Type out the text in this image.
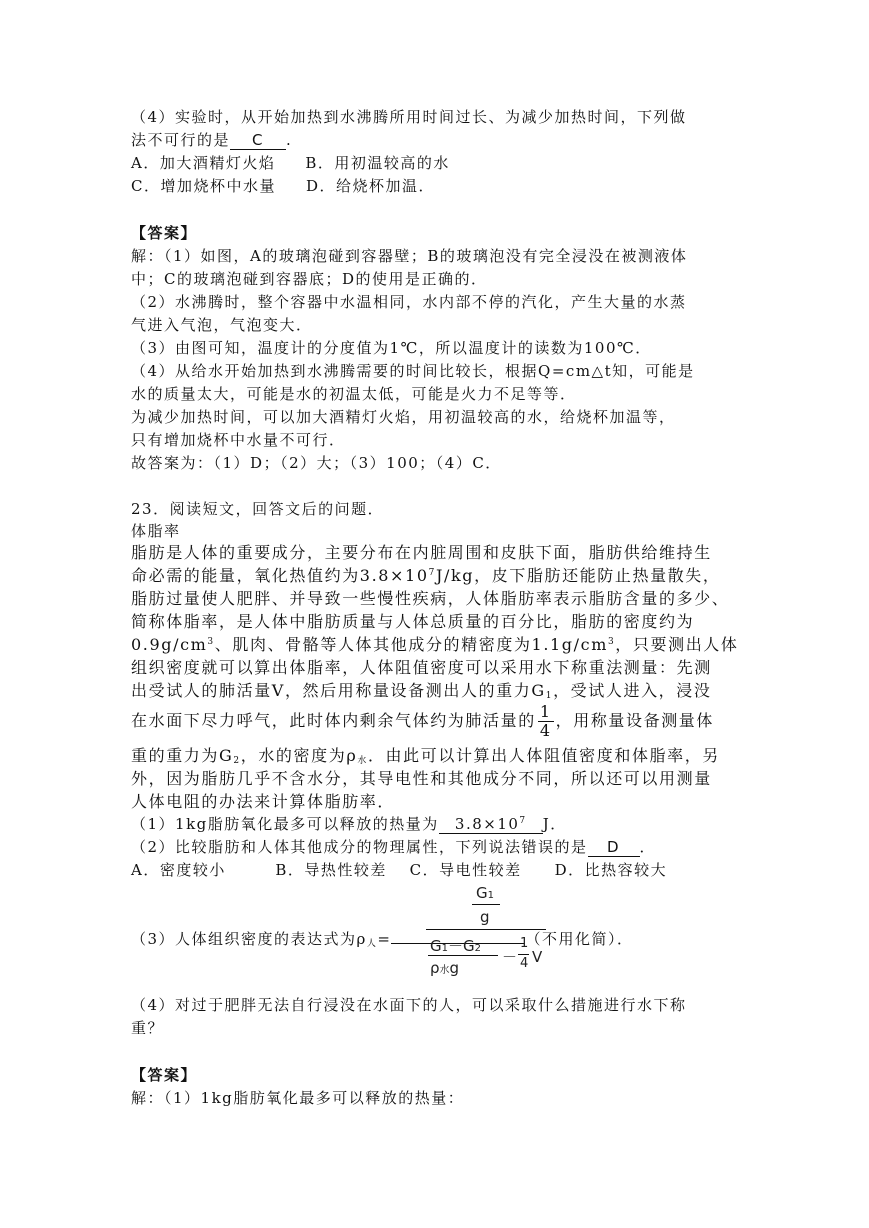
（4）实验时，从开始加热到水沸腾所用时间过长、为减少加热时间，下列做
法不可行的是 C .
A．加大酒精灯火焰 B．用初温较高的水
C．增加烧杯中水量 D．给烧杯加温．
【答案】
解：（1）如图，A的玻璃泡碰到容器壁；B的玻璃泡没有完全浸没在被测液体
中；C的玻璃泡碰到容器底；D的使用是正确的．
（2）水沸腾时，整个容器中水温相同，水内部不停的汽化，产生大量的水蒸
气进入气泡，气泡变大．
（3）由图可知，温度计的分度值为1℃，所以温度计的读数为100℃．
（4）从给水开始加热到水沸腾需要的时间比较长，根据Q=cm△t知，可能是
水的质量太大，可能是水的初温太低，可能是火力不足等等．
为减少加热时间，可以加大酒精灯火焰，用初温较高的水，给烧杯加温等，
只有增加烧杯中水量不可行．
故答案为：（1）D；（2）大；（3）100；（4）C．
23．阅读短文，回答文后的问题．
体脂率
脂肪是人体的重要成分，主要分布在内脏周围和皮肤下面，脂肪供给维持生
命必需的能量，氧化热值约为$3.8\times 10^7J/kg$，皮下脂肪还能防止热量散失，
脂肪过量使人肥胖、并导致一些慢性疾病，人体脂肪率表示脂肪含量的多少、
简称体脂率，是人体中脂肪质量与人体总质量的百分比，脂肪的密度约为
$0.9g/cm^3$、肌肉、骨骼等人体其他成分的精密度为$1.1g/cm^3$，只要测出人体
组织密度就可以算出体脂率，人体阻值密度可以采用水下称重法测量：先测
出受试人的肺活量V，然后用称量设备测出人的重力$G_1$，受试人进入，浸没
在水面下尽力呼气，此时体内剩余气体约为肺活量的 $\frac{1}{4}$ ，用称量设备测量体
重的重力为$G_2$，水的密度为$\rho_水$．由此可以计算出人体阻值密度和体脂率，另
外，因为脂肪几乎不含水分，其导电性和其他成分不同，所以还可以用测量
人体电阻的办法来计算体脂肪率．
（1）1kg脂肪氧化最多可以释放的热量为 $3.8\times 10^7$ J．
（2）比较脂肪和人体其他成分的物理属性，下列说法错误的是 D ．
A．密度较小　　　B．导热性较差　 C．导电性较差　　D．比热容较大
（3）人体组织密度的表达式为$\rho_人=$	（不用化简）．
G1
g
G1－G2
ρ水g
－
1
4 V
（4）对过于肥胖无法自行浸没在水面下的人，可以采取什么措施进行水下称
重？
【答案】
解：（1）1kg脂肪氧化最多可以释放的热量：
